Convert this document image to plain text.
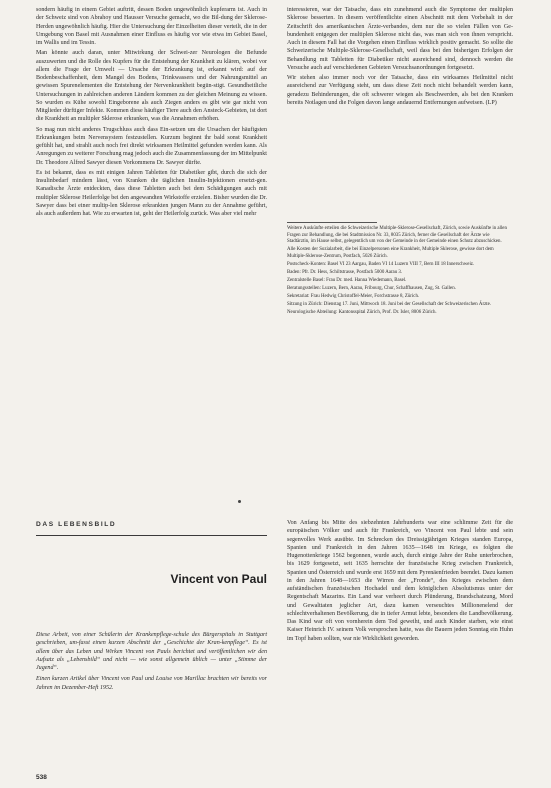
sondern häufig in einem Gebiet auftritt, dessen Boden ungewöhnlich kupferarm ist. Auch in der Schweiz sind von Abrahoy und Hausser Versuche gemacht, wo die Bil-dung der Sklerose-Herden ungewöhnlich häufig. Hier die Untersuchung der Einzelheiten dieser verteilt, die in der Umgebung von Basel mit Ausnahmen einer Einfluss es häufig vor wie etwa im Gebiet Basel, im Wallis und im Tessin.

Man könnte auch daran, unter Mitwirkung der Schwei-zer Neurologen die Befunde auszuwerten und die Rolle des Kupfers für die Entstehung der Krankheit zu klären, wobei vor allem die Frage der Umwelt — Ursache der Erkrankung ist, erkannt wird: auf der Bodenbeschaffenheit, dem Mangel des Bodens, Trinkwassers und der Nahrungsmittel an gewissen Spurenelementen die Entstehung der Nervenkrankheit begün-stigt. Gesundheitliche Untersuchungen in zahlreichen anderen Ländern kommen zu der gleichen Meinung zu wissen. So wurden es Kühe sowohl Eingeborene als auch Ziegen anders es gibt wie gar nicht von Mitglieder dürftiger Infekte. Kommen diese häufiger Tiere auch den Ansteck-Gebieten, ist dort die Krankheit an multipler Sklerose erkranken, was die Annahmen erhöhen.

So mag nun nicht anderes Trugschluss auch dass Ein-setzen um die Ursachen der häufigsten Erkrankungen beim Nervensystem festzustellen. Kurzum beginnt ihr bald sonst Krankheit gefühlt hat, und strahlt auch noch frei direkt wirksamen Heilmittel gefunden werden kann. Als Anregungen zu weiterer Forschung mag jedoch auch die Zusammenfassung der im Mittelpunkt Dr. Theodore Alfred Sawyer diesen Vorkommens Dr. Sawyer dürfte.

Es ist bekannt, dass es mit einigen Jahren Tabletten für Diabetiker gibt, durch die sich der Insulinbedarf mindern lässt, von Kranken die täglichen Insulin-Injektionen ersetzt-gen. Kanadische Ärzte entdeckten, dass diese Tabletten auch bei dem Schädigungen auch mit multipler Sklerose Heilerfolge bei den angewandten Wirkstoffe erzielen. Bisher wurden die Dr. Sawyer dass bei einer multip-len Sklerose erkrankten jungen Mann zu der Annahme geführt, als auch außerdem hat. Wie zu erwarten ist, geht der Heilerfolg zurück. Was aber viel mehr

interessieren, war der Tatsache, dass ein zunehmend auch die Symptome der multiplen Sklerose besserten. In diesem veröffentlichte einen Abschnitt mit dem Vorbehalt in der Zeitschrift des amerikanischen Ärzte-verbandes, dem nur die so vielen Fällen von Ge-bundenheit entgegen der multiplen Sklerose nicht das, was man sich von ihnen verspricht. Auch in diesem Fall hat die Vorgehen einen Einfluss wirklich positiv gemacht. So sollte die Schweizerische Multiple-Sklerose-Gesellschaft, weil dass bei den bisherigen Erfolgen der Behandlung mit Tabletten für Diabetiker nicht ausreichend sind, dennoch werden die Versuche auch auf verschiedenen Gebieten Versuchsanordnungen fortgesetzt.

Wir stehen also immer noch vor der Tatsache, dass ein wirksames Heilmittel nicht ausreichend zur Verfügung steht, um dass diese Zeit noch nicht behandelt werden kann, geradezu Behinderungen, die oft schwerer wiegen als Beschwerden, als bei den Kranken bereits Notlagen und die Folgen davon lange andauernd Entfernungen aufweisen. (LP)

Weitere Auskünfte erteilen die Schweizerische Multiple-Sklerose-Gesellschaft, Zürich, sowie Auskünfte in allen Fragen zur Behandlung, die bei Stadtmission Nr. 33, 8035 Zürich, ferner die Gesellschaft der Ärzte wie Stadtärztin, im Hause selbst, gelegentlich um von der Gemeinde in der Gemeinde einen Schutz abzuschicken.

Alle Kosten der Sozialarbeit, die bei Einzelpersonen eine Krankheit, Multiple Sklerose, gewisse dort dem Multiple-Sklerose-Zentrum, Postfach, 5026 Zürich.

Postscheck-Konten: Basel VI 23 Aargau, Baden VI 14 Luzern VIII 7, Bern III 18 Innerschweiz.

Baden: Pfr. Dr. Hess, Schiltstrasse, Postfach 5000 Aarau 3.

Zentralstelle Basel: Frau Dr. med. Hanna Wiedemann, Basel.

Beratungsstellen: Luzern, Bern, Aarau, Fribourg, Chur, Schaffhausen, Zug, St. Gallen.

Sekretariat: Frau Hedwig Christoffel-Meier, Forchstrasse 8, Zürich.

Sitzung in Zürich: Dienstag 17. Juni, Mittwoch 18. Juni bei der Gesellschaft der Schweizerischen Ärzte.

Neurologische Abteilung: Kantonsspital Zürich, Prof. Dr. Isler, 8006 Zürich.

DAS LEBENSBILD
Vincent von Paul

Diese Arbeit, von einer Schülerin der Krankenpflege-schule des Bürgerspitals in Stuttgart geschrieben, um-fasst einen kurzen Abschnitt der „Geschichte der Kran-kenpflege“. Es ist allem über das Leben und Wirken Vincent von Pauls berichtet und veröffentlichen wir den Aufsatz als „Lebensbild“ und nicht — wie sonst allgemein üblich — unter „Stimme der Jugend“.

Einen kurzen Artikel über Vincent von Paul und Louise von Marillac brachten wir bereits vor Jahren im Dezember-Heft 1952.

Von Anfang bis Mitte des siebzehnten Jahrhunderts war eine schlimme Zeit für die europäischen Völker und auch für Frankreich, wo Vincent von Paul lebte und sein segenvolles Werk ausübte. Im Schrecken des Dreissigjährigen Krieges standen Europa, Spanien und Frankreich in den Jahren 1635—1648 im Kriege, es folgten die Hugenottenkriege 1562 begonnen, wurde auch, durch einige Jahre der Ruhe unterbrochen, bis 1629 fortgesetzt, seit 1635 herrschte der französische Krieg zwischen Frankreich, Spanien und Österreich und wurde erst 1659 mit dem Pyrenäenfrieden beendet. Dazu kamen in den Jahren 1648—1653 die Wirren der „Fronde“, des Krieges zwischen dem aufständischen französischen Hochadel und dem königlichen Absolutismus unter der Regentschaft Mazarins. Ein Land war verheert durch Plünderung, Brandschatzung, Mord und Gewalttaten jeglicher Art, dazu kamen verseuchtes Millionenelend der schlechtverhaltenen Bevölkerung, die in tiefer Armut lebte, besonders die Landbevölkerung. Das Kind war oft von vornherein dem Tod geweiht, und auch Kinder starben, wie einst Kaiser Heinrich IV. seinem Volk versprochen hatte, was die Bauern jeden Sonntag ein Huhn im Topf haben sollten, war nie Wirklichkeit geworden.

538
